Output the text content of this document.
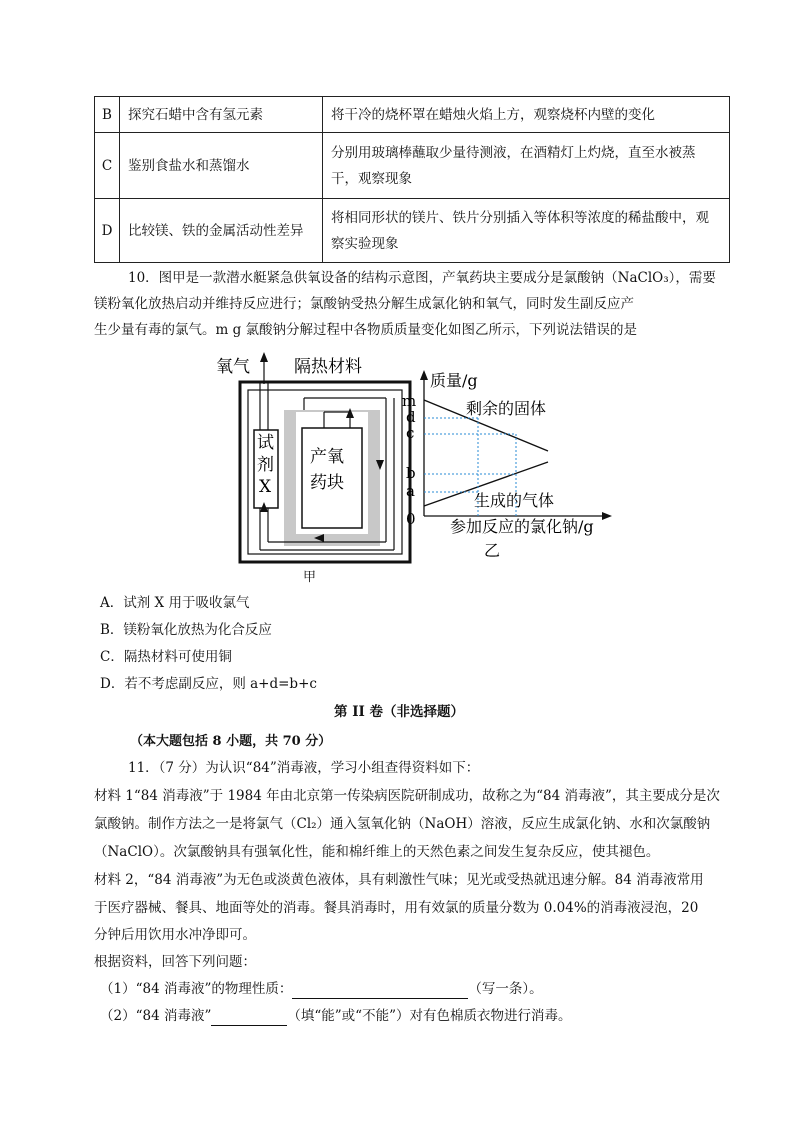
B	探究石蜡中含有氢元素	将干冷的烧杯罩在蜡烛火焰上方，观察烧杯内壁的变化
C	鉴别食盐水和蒸馏水	分别用玻璃棒蘸取少量待测液，在酒精灯上灼烧，直至水被蒸干，观察现象
D	比较镁、铁的金属活动性差异	将相同形状的镁片、铁片分别插入等体积等浓度的稀盐酸中，观察实验现象
10．图甲是一款潜水艇紧急供氧设备的结构示意图，产氧药块主要成分是氯酸钠（NaClO₃），需要
镁粉氧化放热启动并维持反应进行；氯酸钠受热分解生成氯化钠和氧气，同时发生副反应产
生少量有毒的氯气。m g 氯酸钠分解过程中各物质质量变化如图乙所示，下列说法错误的是
氧气	隔热材料
试
剂
X
产氧
药块
甲
m
d
c
b
a
0
质量/g
参加反应的氯化钠/g
剩余的固体
生成的气体
乙
A．试剂 X 用于吸收氯气
B．镁粉氧化放热为化合反应
C．隔热材料可使用铜
D．若不考虑副反应，则 a+d=b+c
第 II 卷（非选择题）
（本大题包括 8 小题，共 70 分）
11．（7 分）为认识“84”消毒液，学习小组查得资料如下：
材料 1“84 消毒液”于 1984 年由北京第一传染病医院研制成功，故称之为“84 消毒液”，其主要成分是次
氯酸钠。制作方法之一是将氯气（Cl₂）通入氢氧化钠（NaOH）溶液，反应生成氯化钠、水和次氯酸钠
（NaClO）。次氯酸钠具有强氧化性，能和棉纤维上的天然色素之间发生复杂反应，使其褪色。
材料 2，“84 消毒液”为无色或淡黄色液体，具有刺激性气味；见光或受热就迅速分解。84 消毒液常用
于医疗器械、餐具、地面等处的消毒。餐具消毒时，用有效氯的质量分数为 0.04%的消毒液浸泡，20
分钟后用饮用水冲净即可。
根据资料，回答下列问题：
（1）“84 消毒液”的物理性质：	（写一条）。
（2）“84 消毒液”	（填“能”或“不能”）对有色棉质衣物进行消毒。
